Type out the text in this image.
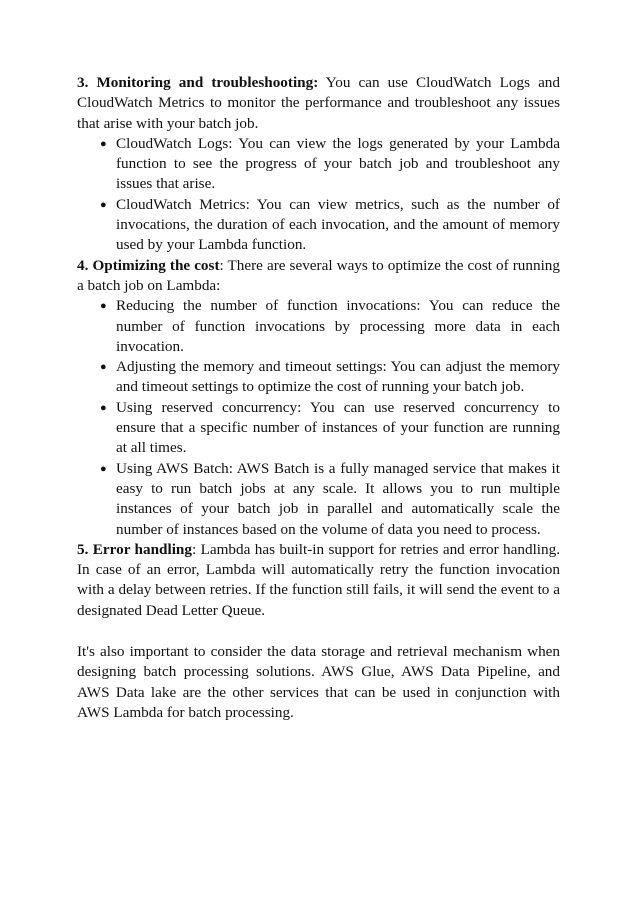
3. Monitoring and troubleshooting: You can use CloudWatch Logs and CloudWatch Metrics to monitor the performance and troubleshoot any issues that arise with your batch job.

● CloudWatch Logs: You can view the logs generated by your Lambda function to see the progress of your batch job and troubleshoot any issues that arise.
● CloudWatch Metrics: You can view metrics, such as the number of invocations, the duration of each invocation, and the amount of memory used by your Lambda function.

4. Optimizing the cost: There are several ways to optimize the cost of running a batch job on Lambda:

● Reducing the number of function invocations: You can reduce the number of function invocations by processing more data in each invocation.
● Adjusting the memory and timeout settings: You can adjust the memory and timeout settings to optimize the cost of running your batch job.
● Using reserved concurrency: You can use reserved concurrency to ensure that a specific number of instances of your function are running at all times.
● Using AWS Batch: AWS Batch is a fully managed service that makes it easy to run batch jobs at any scale. It allows you to run multiple instances of your batch job in parallel and automatically scale the number of instances based on the volume of data you need to process.

5. Error handling: Lambda has built-in support for retries and error handling. In case of an error, Lambda will automatically retry the function invocation with a delay between retries. If the function still fails, it will send the event to a designated Dead Letter Queue.

It's also important to consider the data storage and retrieval mechanism when designing batch processing solutions. AWS Glue, AWS Data Pipeline, and AWS Data lake are the other services that can be used in conjunction with AWS Lambda for batch processing.
